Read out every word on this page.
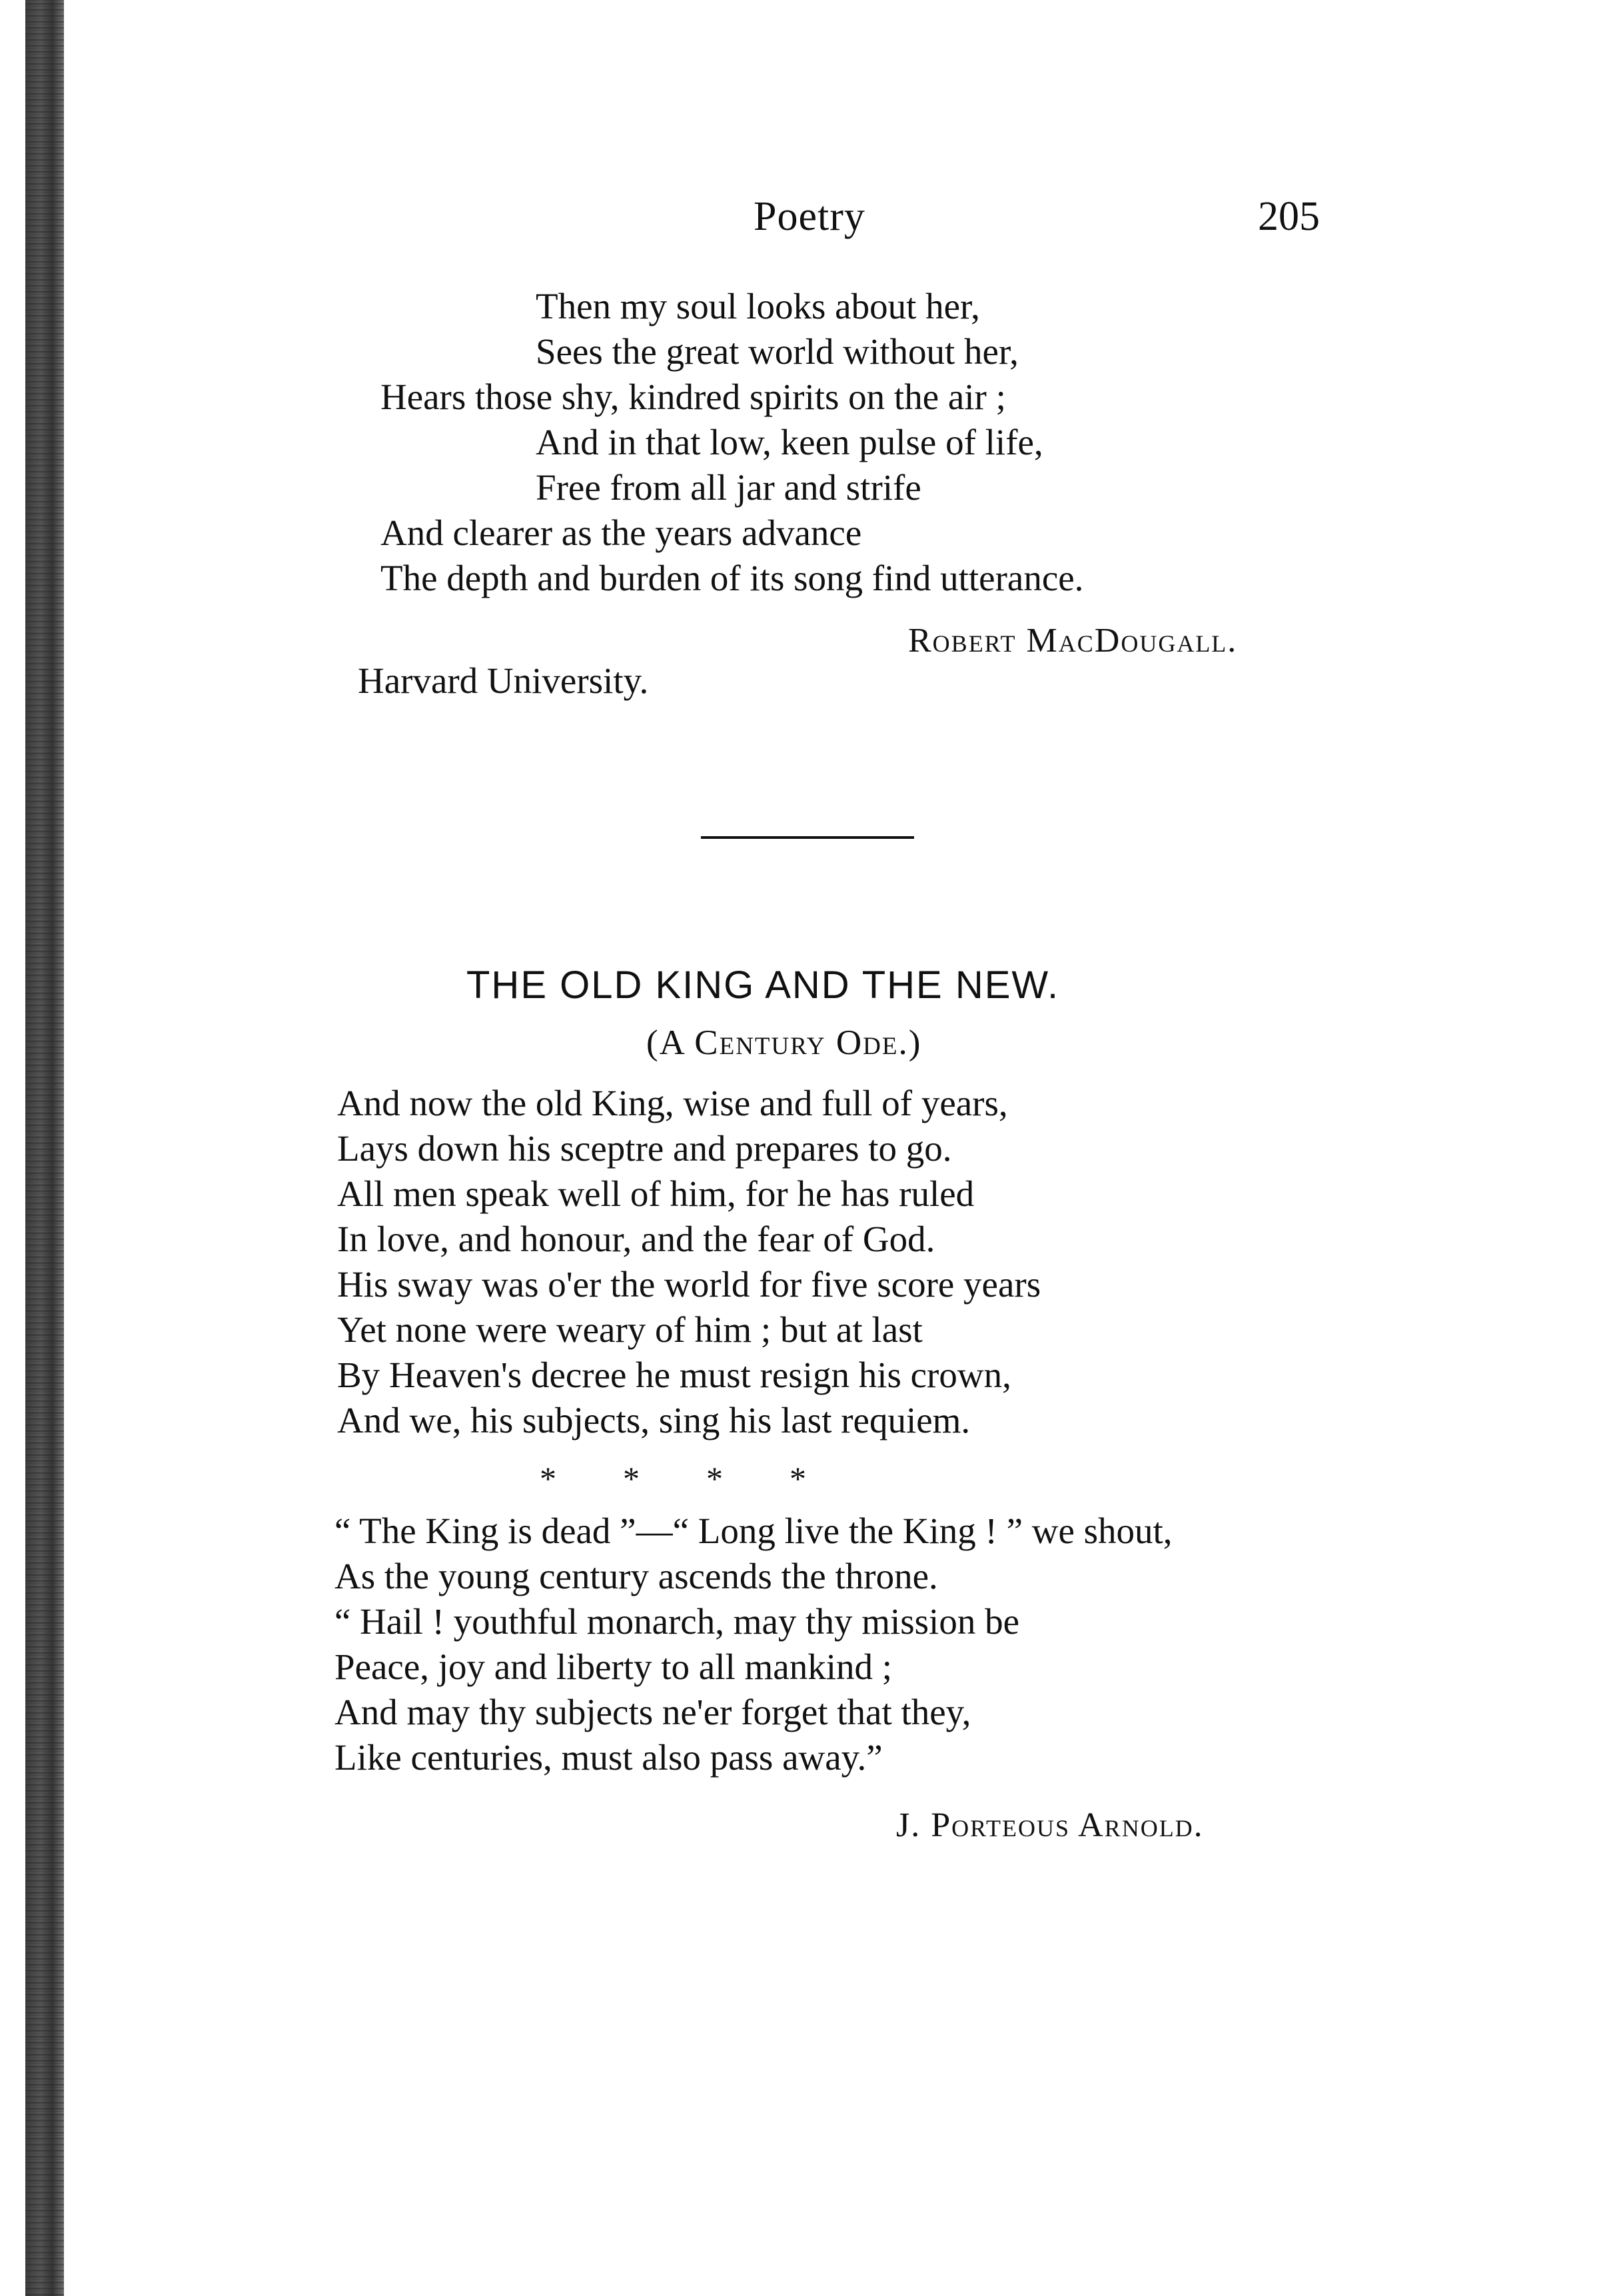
Poetry	205
Then my soul looks about her,
Sees the great world without her,
Hears those shy, kindred spirits on the air ;
And in that low, keen pulse of life,
Free from all jar and strife
And clearer as the years advance
The depth and burden of its song find utterance.
Robert MacDougall.
Harvard University.
THE OLD KING AND THE NEW.
(A Century Ode.)
And now the old King, wise and full of years,
Lays down his sceptre and prepares to go.
All men speak well of him, for he has ruled
In love, and honour, and the fear of God.
His sway was o'er the world for five score years
Yet none were weary of him ; but at last
By Heaven's decree he must resign his crown,
And we, his subjects, sing his last requiem.
*        *        *        *
“ The King is dead ”—“ Long live the King ! ” we shout,
As the young century ascends the throne.
“ Hail ! youthful monarch, may thy mission be
Peace, joy and liberty to all mankind ;
And may thy subjects ne'er forget that they,
Like centuries, must also pass away.”
J. Porteous Arnold.
